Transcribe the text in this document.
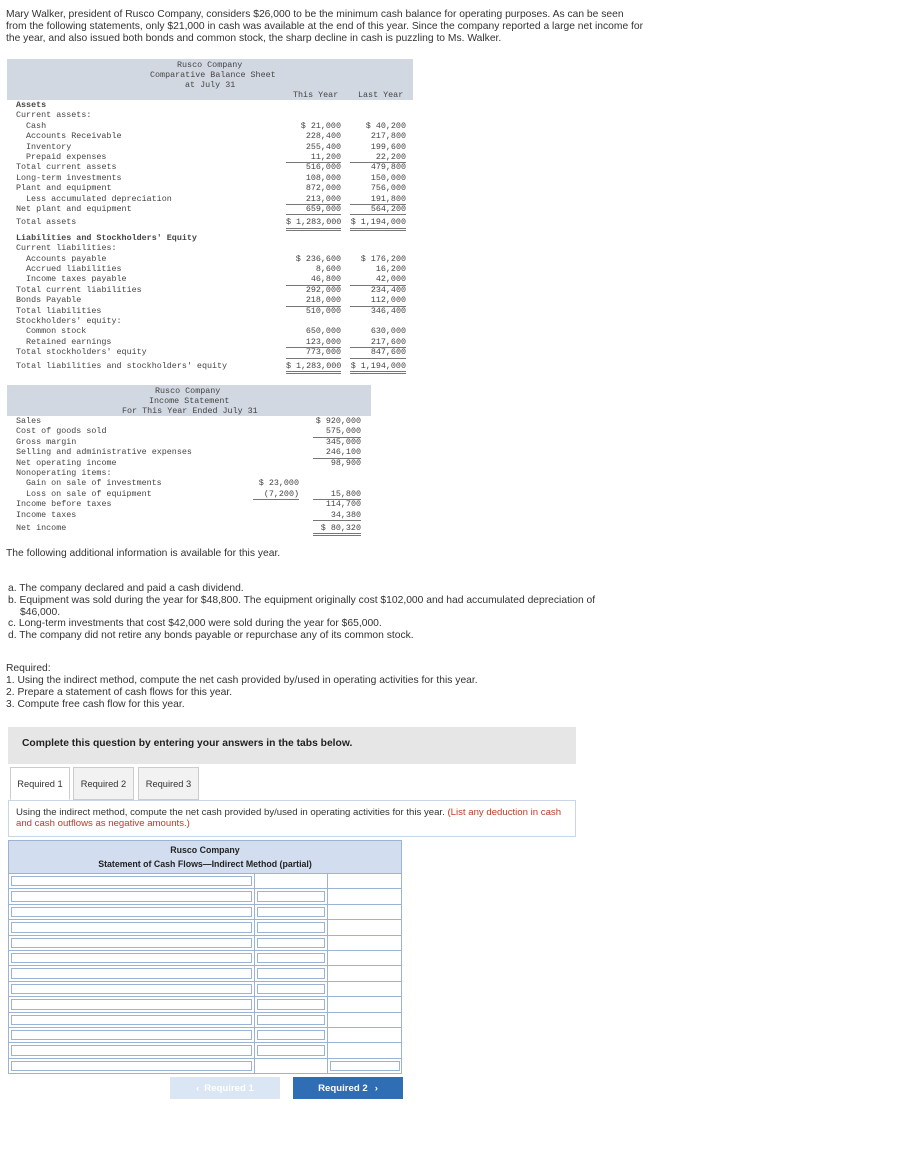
Mary Walker, president of Rusco Company, considers $26,000 to be the minimum cash balance for operating purposes. As can be seen from the following statements, only $21,000 in cash was available at the end of this year. Since the company reported a large net income for the year, and also issued both bonds and common stock, the sharp decline in cash is puzzling to Ms. Walker.
Rusco Company
Comparative Balance Sheet
at July 31
This Year Last Year
Assets
Current assets:
Cash	$ 21,000	$ 40,200
Accounts Receivable	228,400	217,800
Inventory	255,400	199,600
Prepaid expenses	11,200	22,200
Total current assets	516,000	479,800
Long-term investments	108,000	150,000
Plant and equipment	872,000	756,000
Less accumulated depreciation	213,000	191,800
Net plant and equipment	659,000	564,200
Total assets	$ 1,283,000 $ 1,194,000
Liabilities and Stockholders' Equity
Current liabilities:
Accounts payable	$ 236,600	$ 176,200
Accrued liabilities	8,600	16,200
Income taxes payable	46,800	42,000
Total current liabilities	292,000	234,400
Bonds Payable	218,000	112,000
Total liabilities	510,000	346,400
Stockholders' equity:
Common stock	650,000	630,000
Retained earnings	123,000	217,600
Total stockholders' equity	773,000	847,600
Total liabilities and stockholders' equity	$ 1,283,000 $ 1,194,000
Rusco Company
Income Statement
For This Year Ended July 31
Sales	$ 920,000
Cost of goods sold	575,000
Gross margin	345,000
Selling and administrative expenses	246,100
Net operating income	98,900
Nonoperating items:
Gain on sale of investments	$ 23,000
Loss on sale of equipment	(7,200)	15,800
Income before taxes	114,700
Income taxes	34,380
Net income	$ 80,320
The following additional information is available for this year.
a. The company declared and paid a cash dividend.
b. Equipment was sold during the year for $48,800. The equipment originally cost $102,000 and had accumulated depreciation of
$46,000.
c. Long-term investments that cost $42,000 were sold during the year for $65,000.
d. The company did not retire any bonds payable or repurchase any of its common stock.
Required:
1. Using the indirect method, compute the net cash provided by/used in operating activities for this year.
2. Prepare a statement of cash flows for this year.
3. Compute free cash flow for this year.
Complete this question by entering your answers in the tabs below.
Required 1	Required 2	Required 3
Using the indirect method, compute the net cash provided by/used in operating activities for this year. (List any deduction in cash and cash outflows as negative amounts.)
Rusco Company
Statement of Cash Flows—Indirect Method (partial)
‹ Required 1	Required 2 ›
